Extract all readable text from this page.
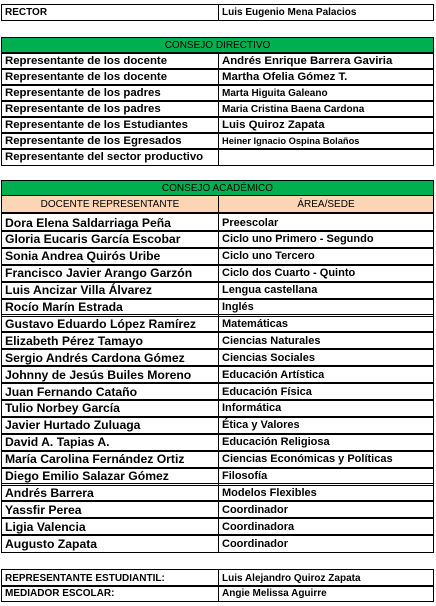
RECTOR	Luis Eugenio Mena Palacios
CONSEJO DIRECTIVO
Representante de los docente	Andrés Enrique Barrera Gaviria
Representante de los docente	Martha Ofelia Gómez T.
Representante de los padres	Marta Higuita Galeano
Representante de los padres	Maria Cristina Baena Cardona
Representante de los Estudiantes	Luis Quiroz Zapata
Representante de los Egresados	Heiner Ignacio Ospina Bolaños
Representante del sector productivo
CONSEJO ACADÉMICO
DOCENTE REPRESENTANTE	ÁREA/SEDE
Dora Elena Saldarriaga Peña	Preescolar
Gloria Eucaris García Escobar	Ciclo uno Primero - Segundo
Sonia Andrea Quirós Uribe	Ciclo uno Tercero
Francisco Javier Arango Garzón	Ciclo dos Cuarto - Quinto
Luis Ancizar Villa Álvarez	Lengua castellana
Rocío Marín Estrada	Inglés
Gustavo Eduardo López Ramírez	Matemáticas
Elizabeth Pérez Tamayo	Ciencias Naturales
Sergio Andrés Cardona Gómez	Ciencias Sociales
Johnny de Jesús Builes Moreno	Educación Artística
Juan Fernando Cataño	Educación Física
Tulio Norbey García	Informática
Javier Hurtado Zuluaga	Ética y Valores
David A. Tapias A.	Educación Religiosa
María Carolina Fernández Ortiz	Ciencias Económicas y Políticas
Diego Emilio Salazar Gómez	Filosofía
Andrés Barrera	Modelos Flexibles
Yassfir Perea	Coordinador
Ligia Valencia	Coordinadora
Augusto Zapata	Coordinador
REPRESENTANTE ESTUDIANTIL:	Luis Alejandro Quiroz Zapata
MEDIADOR ESCOLAR:	Angie Melissa Aguirre
